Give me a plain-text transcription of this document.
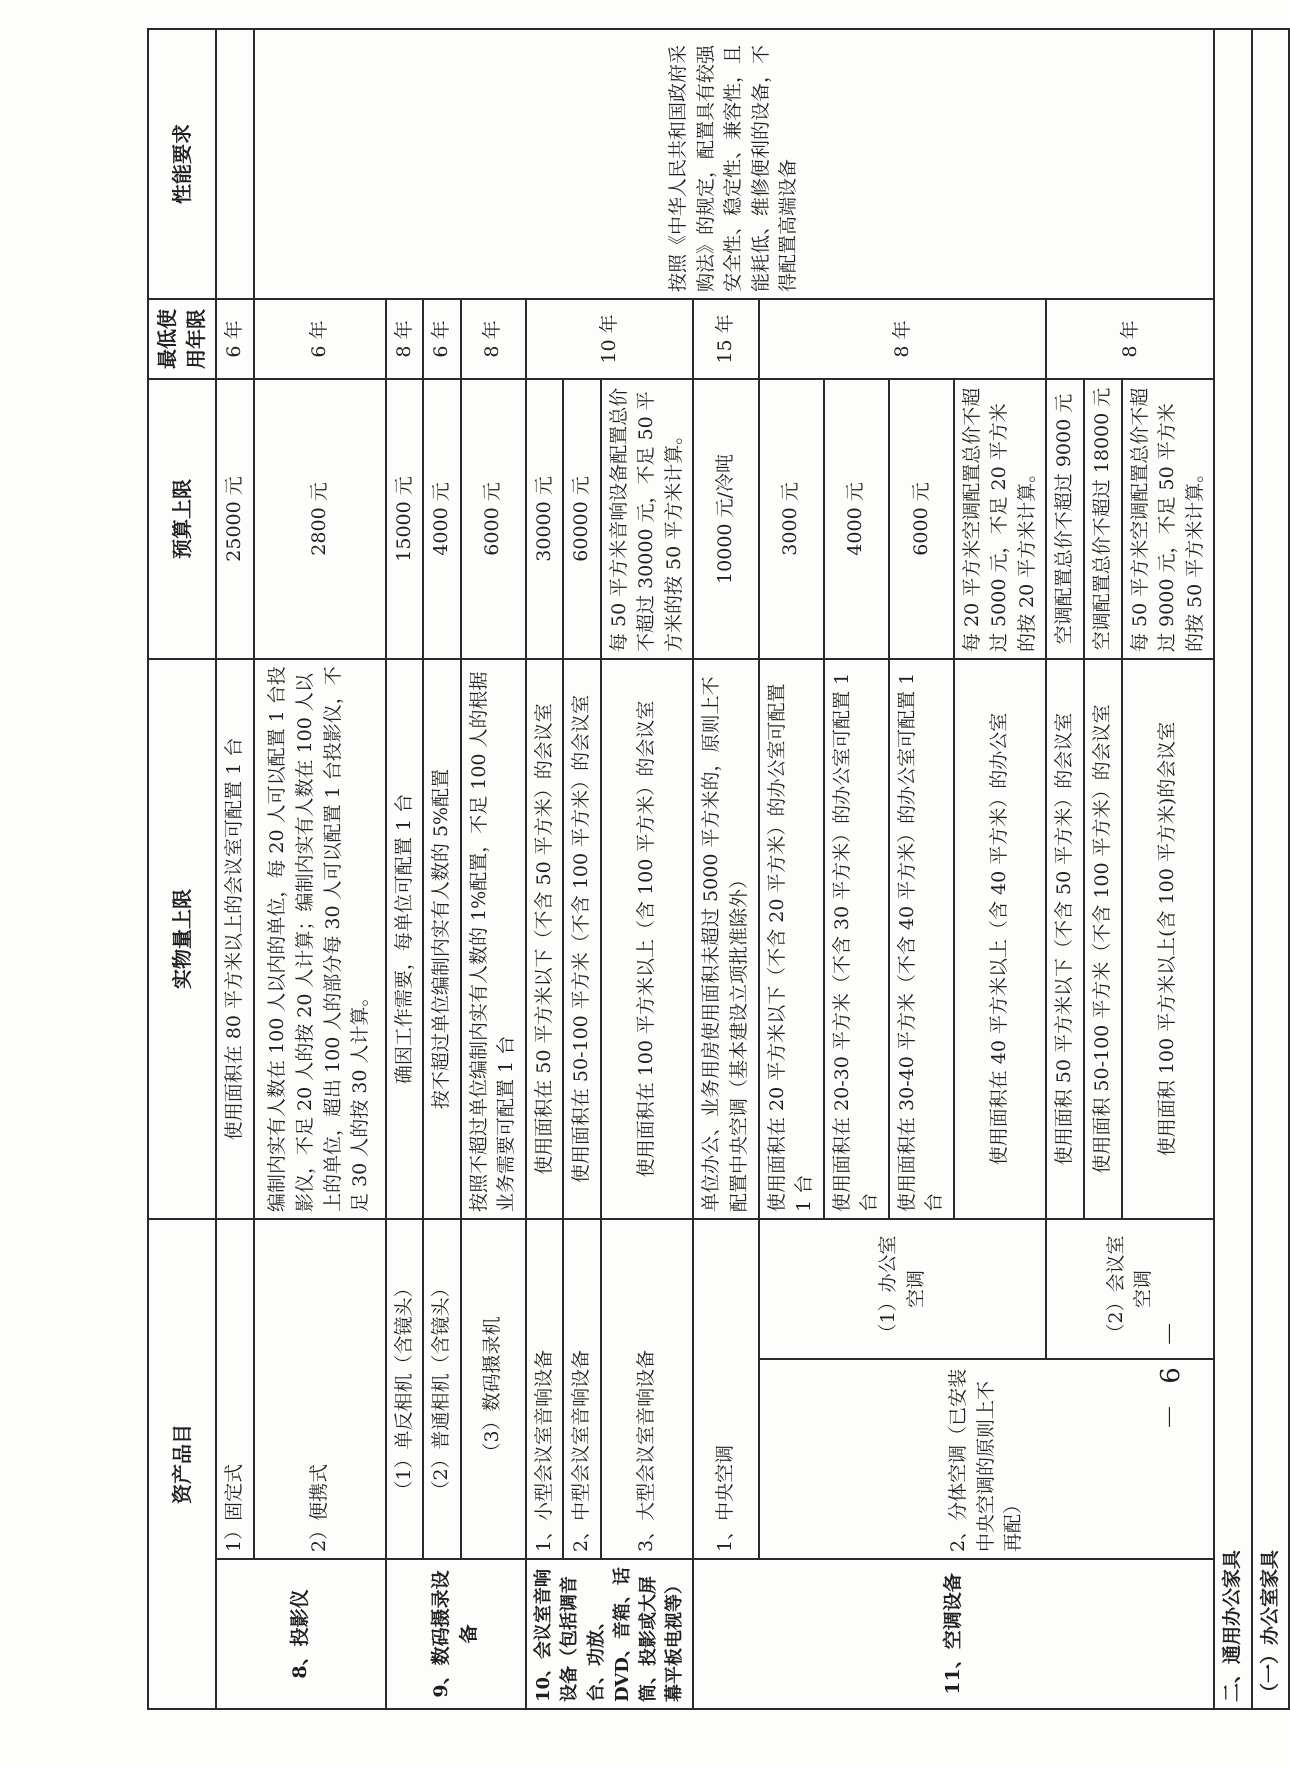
资产品目			实物量上限	预算上限	最低使用年限	性能要求
8、投影仪	1）固定式		使用面积在 80 平方米以上的会议室可配置 1 台	25000 元	6 年	
	2）便携式		编制内实有人数在 100 人以内的单位，每 20 人可以配置 1 台投影仪，不足 20 人的按 20 人计算；编制内实有人数在 100 人以上的单位，超出 100 人的部分每 30 人可以配置 1 台投影仪，不足 30 人的按 30 人计算。	2800 元	6 年	按照《中华人民共和国政府采购法》的规定，配置具有较强安全性、稳定性、兼容性，且能耗低、维修便利的设备，不得配置高端设备
9、数码摄录设备	（1）单反相机（含镜头）		确因工作需要，每单位可配置 1 台	15000 元	8 年	
	（2）普通相机（含镜头）		按不超过单位编制内实有人数的 5%配置	4000 元	6 年	
	（3）数码摄录机		按照不超过单位编制内实有人数的 1%配置，不足 100 人的根据业务需要可配置 1 台	6000 元	8 年	
10、会议室音响设备（包括调音台、功放、DVD、音箱、话筒、投影或大屏幕平板电视等）	1、小型会议室音响设备		使用面积在 50 平方米以下（不含 50 平方米）的会议室	30000 元	10 年	
	2、中型会议室音响设备		使用面积在 50-100 平方米（不含 100 平方米）的会议室	60000 元		
	3、大型会议室音响设备		使用面积在 100 平方米以上（含 100 平方米）的会议室	每 50 平方米音响设备配置总价不超过 30000 元，不足 50 平方米的按 50 平方米计算。		
11、空调设备	1、中央空调		单位办公、业务用房使用面积未超过 5000 平方米的，原则上不配置中央空调（基本建设立项批准除外）	10000 元/冷吨	15 年	
	2、分体空调（已安装中央空调的原则上不再配）	（1）办公室空调	使用面积在 20 平方米以下（不含 20 平方米）的办公室可配置 1 台	3000 元	8 年	
			使用面积在 20-30 平方米（不含 30 平方米）的办公室可配置 1 台	4000 元		
			使用面积在 30-40 平方米（不含 40 平方米）的办公室可配置 1 台	6000 元		
			使用面积在 40 平方米以上（含 40 平方米）的办公室	每 20 平方米空调配置总价不超过 5000 元，不足 20 平方米的按 20 平方米计算。		
		（2）会议室空调	使用面积 50 平方米以下（不含 50 平方米）的会议室	空调配置总价不超过 9000 元	8 年	
			使用面积 50-100 平方米（不含 100 平方米）的会议室	空调配置总价不超过 18000 元		
			使用面积 100 平方米以上(含 100 平方米)的会议室	每 50 平方米空调配置总价不超过 9000 元，不足 50 平方米的按 50 平方米计算。		
二、通用办公家具						
（一）办公室家具						
－ 6 －
